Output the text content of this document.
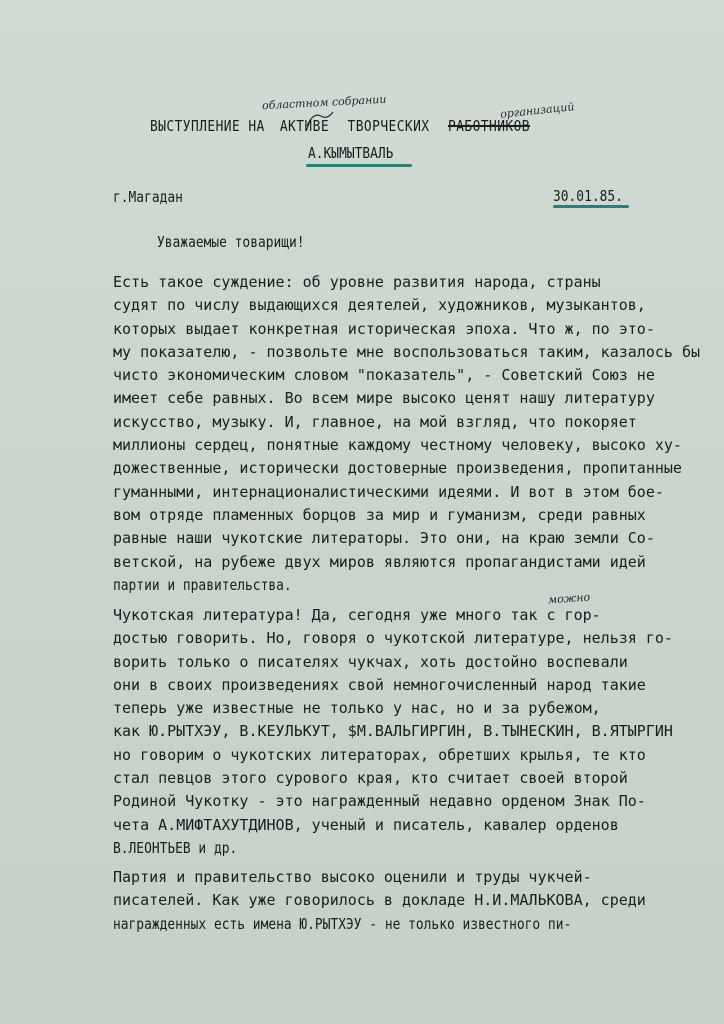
областном собрании	организаций
ВЫСТУПЛЕНИЕ НА АКТИВЕ ТВОРЧЕСКИХ РАБОТНИКОВ
А.КЫМЫТВАЛЬ
г.Магадан	30.01.85.
Уважаемые товарищи!
Есть такое суждение: об уровне развития народа, страны
судят по числу выдающихся деятелей, художников, музыкантов,
которых выдает конкретная историческая эпоха. Что ж, по это-
му показателю, - позвольте мне воспользоваться таким, казалось бы
чисто экономическим словом "показатель", - Советский Союз не
имеет себе равных. Во всем мире высоко ценят нашу литературу
искусство, музыку. И, главное, на мой взгляд, что покоряет
миллионы сердец, понятные каждому честному человеку, высоко ху-
дожественные, исторически достоверные произведения, пропитанные
гуманными, интернационалистическими идеями. И вот в этом бое-
вом отряде пламенных борцов за мир и гуманизм, среди равных
равные наши чукотские литераторы. Это они, на краю земли Со-
ветской, на рубеже двух миров являются пропагандистами идей
партии и правительства.
можно
Чукотская литература! Да, сегодня уже много так с гор-
достью говорить. Но, говоря о чукотской литературе, нельзя го-
ворить только о писателях чукчах, хоть достойно воспевали
они в своих произведениях свой немногочисленный народ такие
теперь уже известные не только у нас, но и за рубежом,
как Ю.РЫТХЭУ, В.КЕУЛЬКУТ, $М.ВАЛЬГИРГИН, В.ТЫНЕСКИН, В.ЯТЫРГИН
но говорим о чукотских литераторах, обретших крылья, те кто
стал певцов этого сурового края, кто считает своей второй
Родиной Чукотку - это награжденный недавно орденом Знак По-
чета А.МИФТАХУТДИНОВ, ученый и писатель, кавалер орденов
В.ЛЕОНТЬЕВ и др.
Партия и правительство высоко оценили и труды чукчей-
писателей. Как уже говорилось в докладе Н.И.МАЛЬКОВА, среди
награжденных есть имена Ю.РЫТХЭУ - не только известного пи-
